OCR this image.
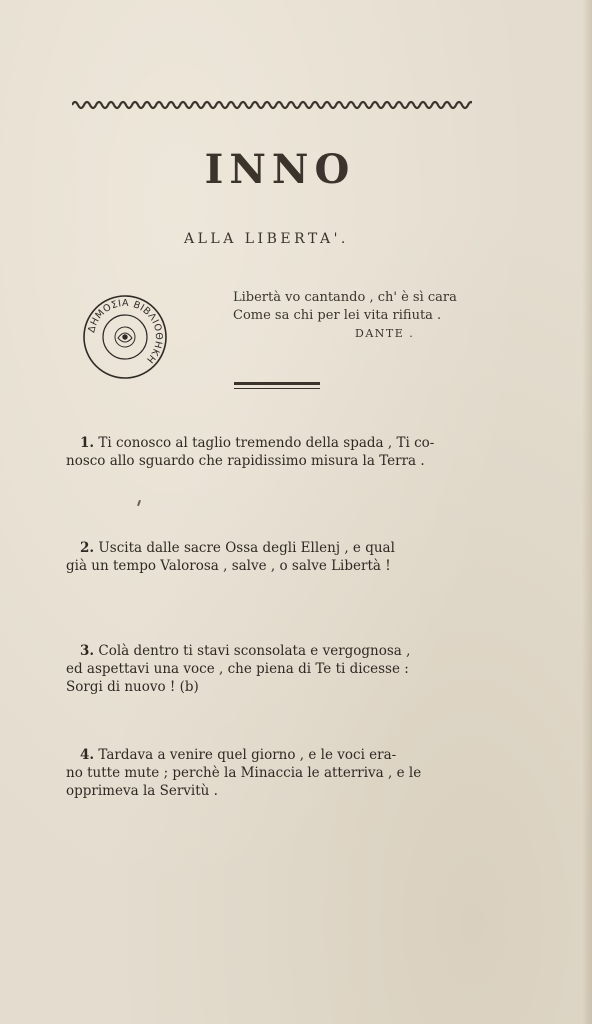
INNO
ALLA LIBERTA'.
ΔΗΜΟΣΙΑ ΒΙΒΛΙΟΘΗΚΗ
Libertà vo cantando , ch' è sì cara
Come sa chi per lei vita rifiuta .
DANTE .
1. Ti conosco al taglio tremendo della spada , Ti co-
nosco allo sguardo che rapidissimo misura la Terra .
2. Uscita dalle sacre Ossa degli Ellenj , e qual
già un tempo Valorosa , salve , o salve Libertà !
3. Colà dentro ti stavi sconsolata e vergognosa ,
ed aspettavi una voce , che piena di Te ti dicesse :
Sorgi di nuovo ! (b)
4. Tardava a venire quel giorno , e le voci era-
no tutte mute ; perchè la Minaccia le atterriva , e le
opprimeva la Servitù .
